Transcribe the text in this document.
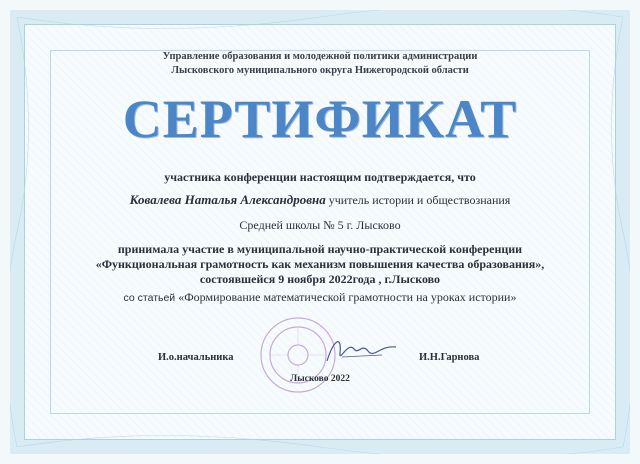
Управление образования и молодежной политики администрации
Лысковского муниципального округа Нижегородской области
СЕРТИФИКАТ
участника конференции настоящим подтверждается, что
Ковалева Наталья Александровна учитель истории и обществознания
Средней школы № 5 г. Лысково
принимала участие в муниципальной научно-практической конференции
«Функциональная грамотность как механизм повышения качества образования»,
состоявшейся 9 ноября 2022года , г.Лысково
со статьей «Формирование математической грамотности на уроках истории»
И.о.начальника	И.Н.Гарнова
Лысково 2022
